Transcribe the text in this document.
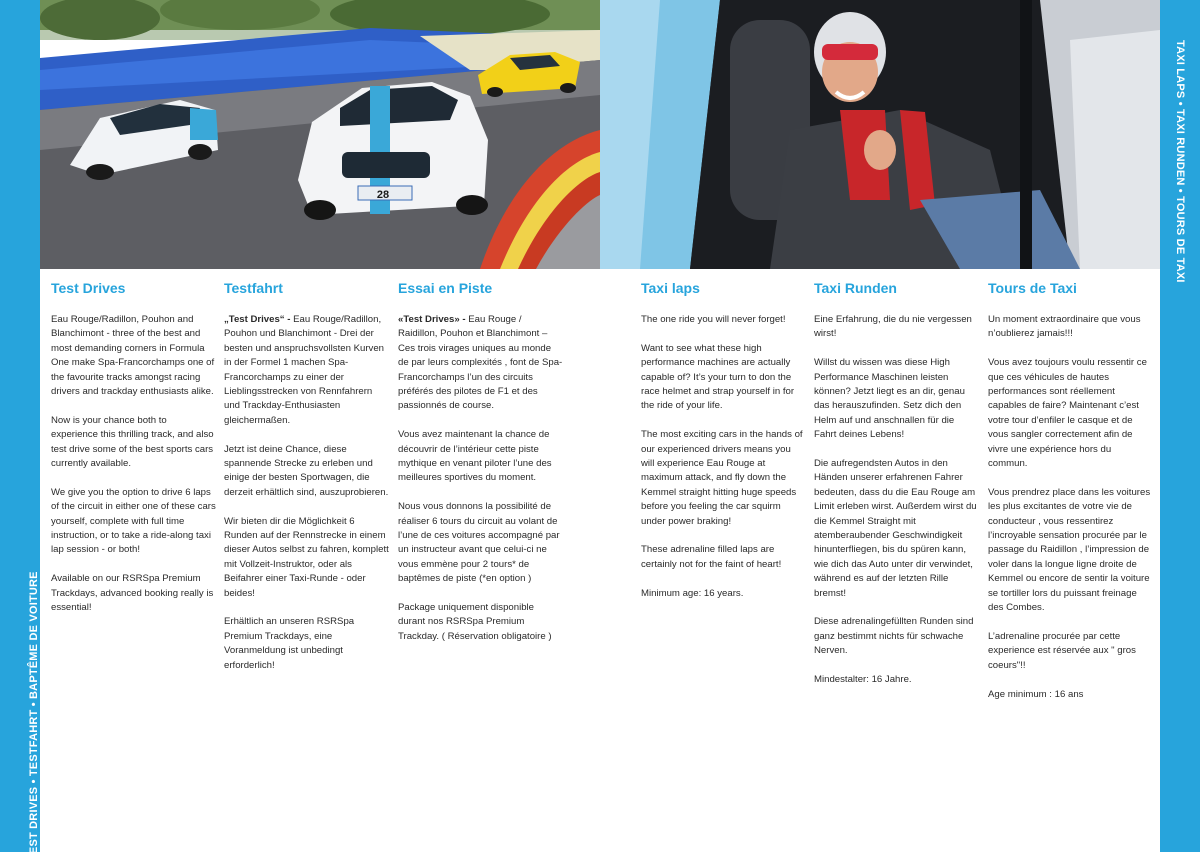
TEST DRIVES • TESTFAHRT • BAPTÊME DE VOITURE
TAXI LAPS • TAXI RUNDEN • TOURS DE TAXI
28
Test Drives

Eau Rouge/Radillon, Pouhon and Blanchimont - three of the best and most demanding corners in Formula One make Spa-Francorchamps one of the favourite tracks amongst racing drivers and trackday enthusiasts alike.

Now is your chance both to experience this thrilling track, and also test drive some of the best sports cars currently available.

We give you the option to drive 6 laps of the circuit in either one of these cars yourself, complete with full time instruction, or to take a ride-along taxi lap session - or both!

Available on our RSRSpa Premium Trackdays, advanced booking really is essential!

Testfahrt

„Test Drives“ - Eau Rouge/Radillon, Pouhon und Blanchimont - Drei der besten und anspruchsvollsten Kurven in der Formel 1 machen Spa-Francorchamps zu einer der Lieblingsstrecken von Rennfahrern und Trackday-Enthusiasten gleichermaßen.

Jetzt ist deine Chance, diese spannende Strecke zu erleben und einige der besten Sportwagen, die derzeit erhältlich sind, auszuprobieren.

Wir bieten dir die Möglichkeit 6 Runden auf der Rennstrecke in einem dieser Autos selbst zu fahren, komplett mit Vollzeit-Instruktor, oder als Beifahrer einer Taxi-Runde - oder beides!

Erhältlich an unseren RSRSpa Premium Trackdays, eine Voranmeldung ist unbedingt erforderlich!

Essai en Piste

«Test Drives» - Eau Rouge / Raidillon, Pouhon et Blanchimont –Ces trois virages uniques au monde de par leurs complexités , font de Spa-Francorchamps l’un des circuits préférés des pilotes de F1 et des passionnés de course.

Vous avez maintenant la chance de découvrir de l’intérieur cette piste mythique en venant piloter l’une des meilleures sportives du moment.

Nous vous donnons la possibilité de réaliser 6 tours du circuit au volant de l’une de ces voitures accompagné par un instructeur avant que celui-ci ne vous emmène pour 2 tours* de baptêmes de piste (*en option )

Package uniquement disponible durant nos RSRSpa Premium Trackday. ( Réservation obligatoire )

Taxi laps

The one ride you will never forget!

Want to see what these high performance machines are actually capable of? It’s your turn to don the race helmet and strap yourself in for the ride of your life.

The most exciting cars in the hands of our experienced drivers means you will experience Eau Rouge at maximum attack, and fly down the Kemmel straight hitting huge speeds before you feeling the car squirm under power braking!

These adrenaline filled laps are certainly not for the faint of heart!

Minimum age: 16 years.

Taxi Runden

Eine Erfahrung, die du nie vergessen wirst!

Willst du wissen was diese High Performance Maschinen leisten können? Jetzt liegt es an dir, genau das herauszufinden. Setz dich den Helm auf und anschnallen für die Fahrt deines Lebens!

Die aufregendsten Autos in den Händen unserer erfahrenen Fahrer bedeuten, dass du die Eau Rouge am Limit erleben wirst. Außerdem wirst du die Kemmel Straight mit atemberaubender Geschwindigkeit hinunterfliegen, bis du spüren kann, wie dich das Auto unter dir verwindet, während es auf der letzten Rille bremst!

Diese adrenalingefüllten Runden sind ganz bestimmt nichts für schwache Nerven.

Mindestalter: 16 Jahre.

Tours de Taxi

Un moment extraordinaire que vous n’oublierez jamais!!!

Vous avez toujours voulu ressentir ce que ces véhicules de hautes performances sont réellement capables de faire? Maintenant c’est votre tour d’enfiler le casque et de vous sangler correctement afin de vivre une expérience hors du commun.

Vous prendrez place dans les voitures les plus excitantes de votre vie de conducteur , vous ressentirez l’incroyable sensation procurée par le passage du Raidillon , l’impression de voler dans la longue ligne droite de Kemmel ou encore de sentir la voiture se tortiller lors du puissant freinage des Combes.

L’adrenaline procurée par cette experience est réservée aux " gros coeurs"!!

Age minimum : 16 ans
